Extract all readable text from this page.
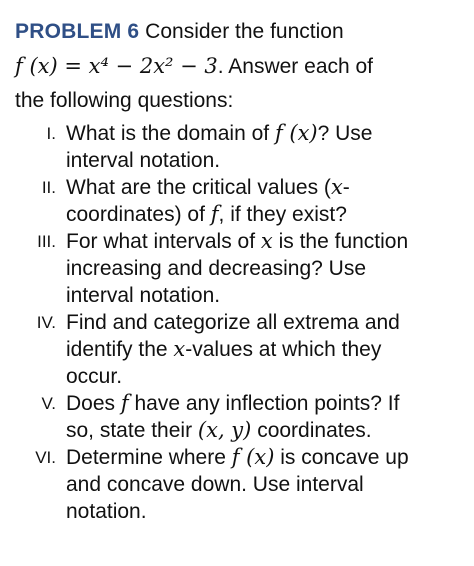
PROBLEM 6 Consider the function
f (x) = x⁴ − 2x² − 3. Answer each of
the following questions:
I. What is the domain of f (x)? Use
interval notation.
II. What are the critical values (x-
coordinates) of f, if they exist?
III. For what intervals of x is the function
increasing and decreasing? Use
interval notation.
IV. Find and categorize all extrema and
identify the x-values at which they
occur.
V. Does f have any inflection points? If
so, state their (x, y) coordinates.
VI. Determine where f (x) is concave up
and concave down. Use interval
notation.
